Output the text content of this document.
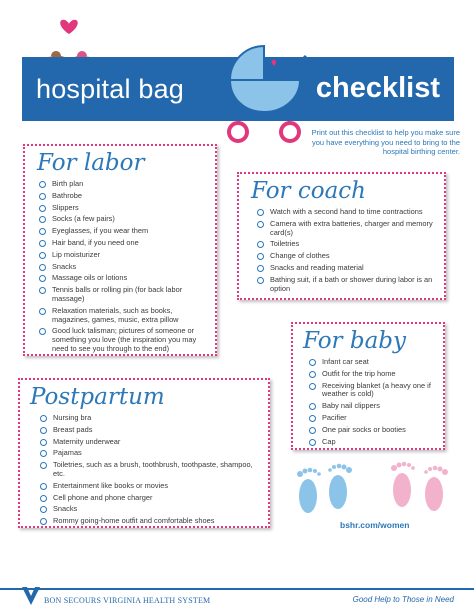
hospital bag	checklist
Print out this checklist to help you make sure you have everything you need to bring to the hospital birthing center.
For labor
Birth plan
Bathrobe
Slippers
Socks (a few pairs)
Eyeglasses, if you wear them
Hair band, if you need one
Lip moisturizer
Snacks
Massage oils or lotions
Tennis balls or rolling pin (for back labor massage)
Relaxation materials, such as books, magazines, games, music, extra pillow
Good luck talisman; pictures of someone or something you love (the inspiration you may need to see you through to the end)
For coach
Watch with a second hand to time contractions
Camera with extra batteries, charger and memory card(s)
Toiletries
Change of clothes
Snacks and reading material
Bathing suit, if a bath or shower during labor is an option
For baby
Infant car seat
Outfit for the trip home
Receiving blanket (a heavy one if weather is cold)
Baby nail clippers
Pacifier
One pair socks or booties
Cap
Postpartum
Nursing bra
Breast pads
Maternity underwear
Pajamas
Toiletries, such as a brush, toothbrush, toothpaste, shampoo, etc.
Entertainment like books or movies
Cell phone and phone charger
Snacks
Rommy going-home outfit and comfortable shoes	bshr.com/women
BON SECOURS VIRGINIA HEALTH SYSTEM	Good Help to Those in Need
